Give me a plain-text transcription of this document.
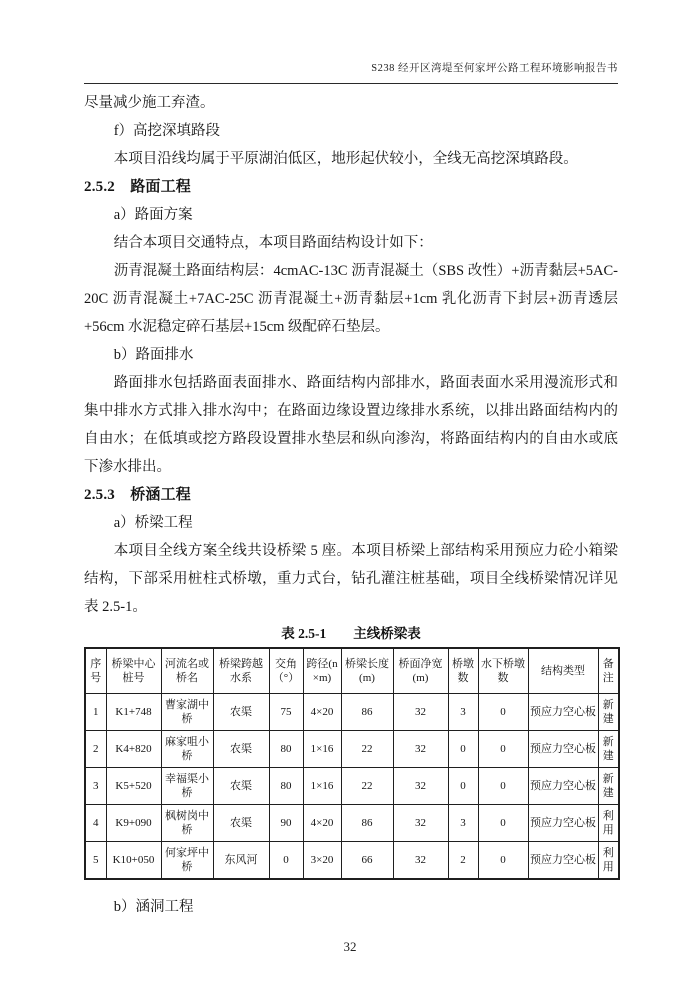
S238 经开区湾堤至何家坪公路工程环境影响报告书

尽量减少施工弃渣。

f）高挖深填路段

本项目沿线均属于平原湖泊低区，地形起伏较小，全线无高挖深填路段。

2.5.2　路面工程

a）路面方案

结合本项目交通特点，本项目路面结构设计如下：

沥青混凝土路面结构层：4cmAC-13C 沥青混凝土（SBS 改性）+沥青黏层+5AC-20C 沥青混凝土+7AC-25C 沥青混凝土+沥青黏层+1cm 乳化沥青下封层+沥青透层+56cm 水泥稳定碎石基层+15cm 级配碎石垫层。

b）路面排水

路面排水包括路面表面排水、路面结构内部排水，路面表面水采用漫流形式和集中排水方式排入排水沟中；在路面边缘设置边缘排水系统，以排出路面结构内的自由水；在低填或挖方路段设置排水垫层和纵向渗沟，将路面结构内的自由水或底下渗水排出。

2.5.3　桥涵工程

a）桥梁工程

本项目全线方案全线共设桥梁 5 座。本项目桥梁上部结构采用预应力砼小箱梁结构，下部采用桩柱式桥墩，重力式台，钻孔灌注桩基础，项目全线桥梁情况详见表 2.5-1。

表 2.5-1　　主线桥梁表
序号	桥梁中心桩号	河流名或桥名	桥梁跨越水系	交角（°）	跨径(n×m)	桥梁长度(m)	桥面净宽(m)	桥墩数	水下桥墩数	结构类型	备注
1	K1+748	曹家湖中桥	农渠	75	4×20	86	32	3	0	预应力空心板	新建
2	K4+820	麻家咀小桥	农渠	80	1×16	22	32	0	0	预应力空心板	新建
3	K5+520	幸福渠小桥	农渠	80	1×16	22	32	0	0	预应力空心板	新建
4	K9+090	枫树岗中桥	农渠	90	4×20	86	32	3	0	预应力空心板	利用
5	K10+050	何家坪中桥	东风河	0	3×20	66	32	2	0	预应力空心板	利用

b）涵洞工程

32
